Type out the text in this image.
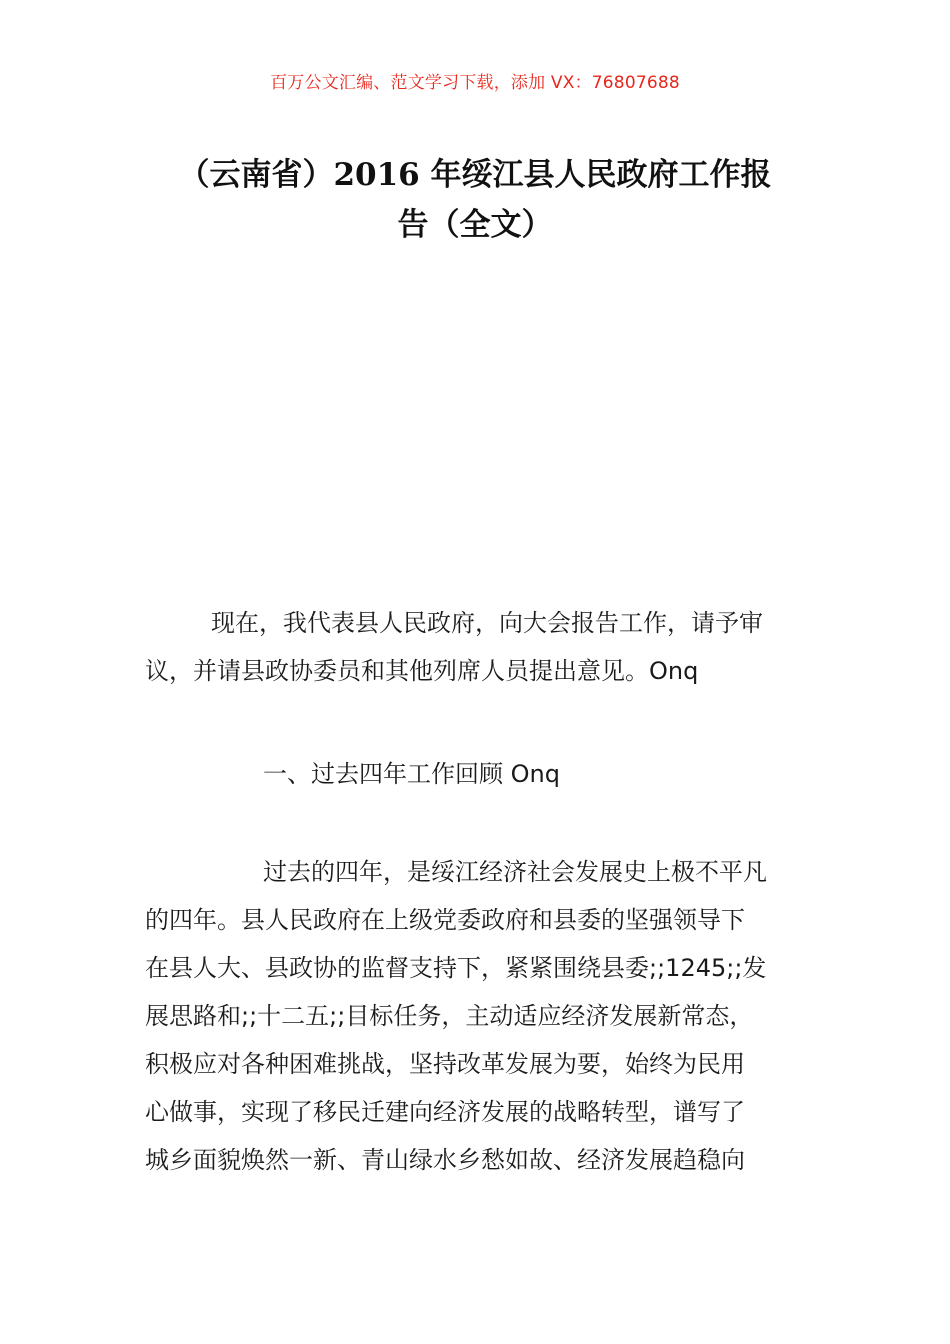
百万公文汇编、范文学习下载，添加 VX：76807688
（云南省）2016 年绥江县人民政府工作报
告（全文）
现在，我代表县人民政府，向大会报告工作，请予审
议，并请县政协委员和其他列席人员提出意见。Onq
一、过去四年工作回顾 Onq
过去的四年，是绥江经济社会发展史上极不平凡
的四年。县人民政府在上级党委政府和县委的坚强领导下
在县人大、县政协的监督支持下，紧紧围绕县委;;1245;;发
展思路和;;十二五;;目标任务，主动适应经济发展新常态，
积极应对各种困难挑战，坚持改革发展为要，始终为民用
心做事，实现了移民迁建向经济发展的战略转型，谱写了
城乡面貌焕然一新、青山绿水乡愁如故、经济发展趋稳向
